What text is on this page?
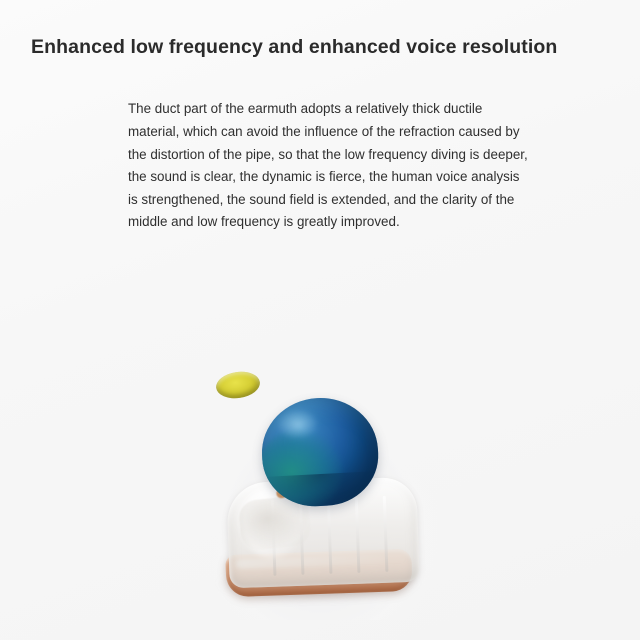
Enhanced low frequency and enhanced voice resolution

The duct part of the earmuth adopts a relatively thick ductile material, which can avoid the influence of the refraction caused by the distortion of the pipe, so that the low frequency diving is deeper, the sound is clear, the dynamic is fierce, the human voice analysis is strengthened, the sound field is extended, and the clarity of the middle and low frequency is greatly improved.
